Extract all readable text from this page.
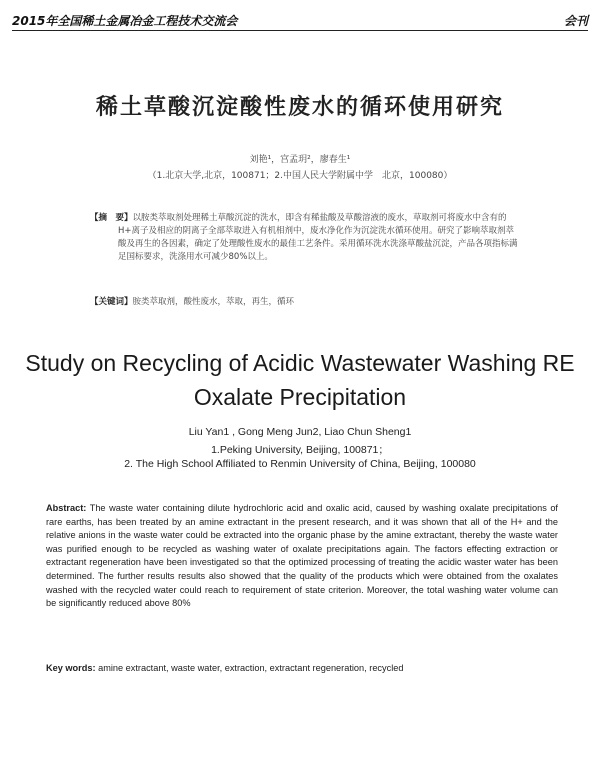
2015年全国稀土金属冶金工程技术交流会	会刊
稀土草酸沉淀酸性废水的循环使用研究
刘艳¹，宫孟玥²，廖春生¹
（1.北京大学,北京，100871；2.中国人民大学附属中学　北京，100080）
【摘　要】以胺类萃取剂处理稀土草酸沉淀的洗水，即含有稀盐酸及草酸溶液的废水，草取剂可将废水中含有的H+离子及相应的阴离子全部萃取进入有机相剂中，废水净化作为沉淀洗水循环使用。研究了影响萃取剂萃酸及再生的各因素，确定了处理酸性废水的最佳工艺条件。采用循环洗水洗涤草酸盐沉淀，产品各项指标满足国标要求，洗涤用水可减少80%以上。
【关键词】胺类萃取剂，酸性废水，萃取，再生，循环
Study on Recycling of Acidic Wastewater Washing RE
Oxalate Precipitation
Liu Yan1 , Gong Meng Jun2, Liao Chun Sheng1
1.Peking University, Beijing, 100871；
2. The High School Affiliated to Renmin University of China, Beijing, 100080
Abstract: The waste water containing dilute hydrochloric acid and oxalic acid, caused by washing oxalate precipitations of rare earths, has been treated by an amine extractant in the present research, and it was shown that all of the H+ and the relative anions in the waste water could be extracted into the organic phase by the amine extractant, thereby the waste water was purified enough to be recycled as washing water of oxalate precipitations again. The factors effecting extraction or extractant regeneration have been investigated so that the optimized processing of treating the acidic waster water has been determined. The further results results also showed that the quality of the products which were obtained from the oxalates washed with the recycled water could reach to requirement of state criterion. Moreover, the total washing water volume can be significantly reduced above 80%
Key words: amine extractant, waste water, extraction, extractant regeneration, recycled
